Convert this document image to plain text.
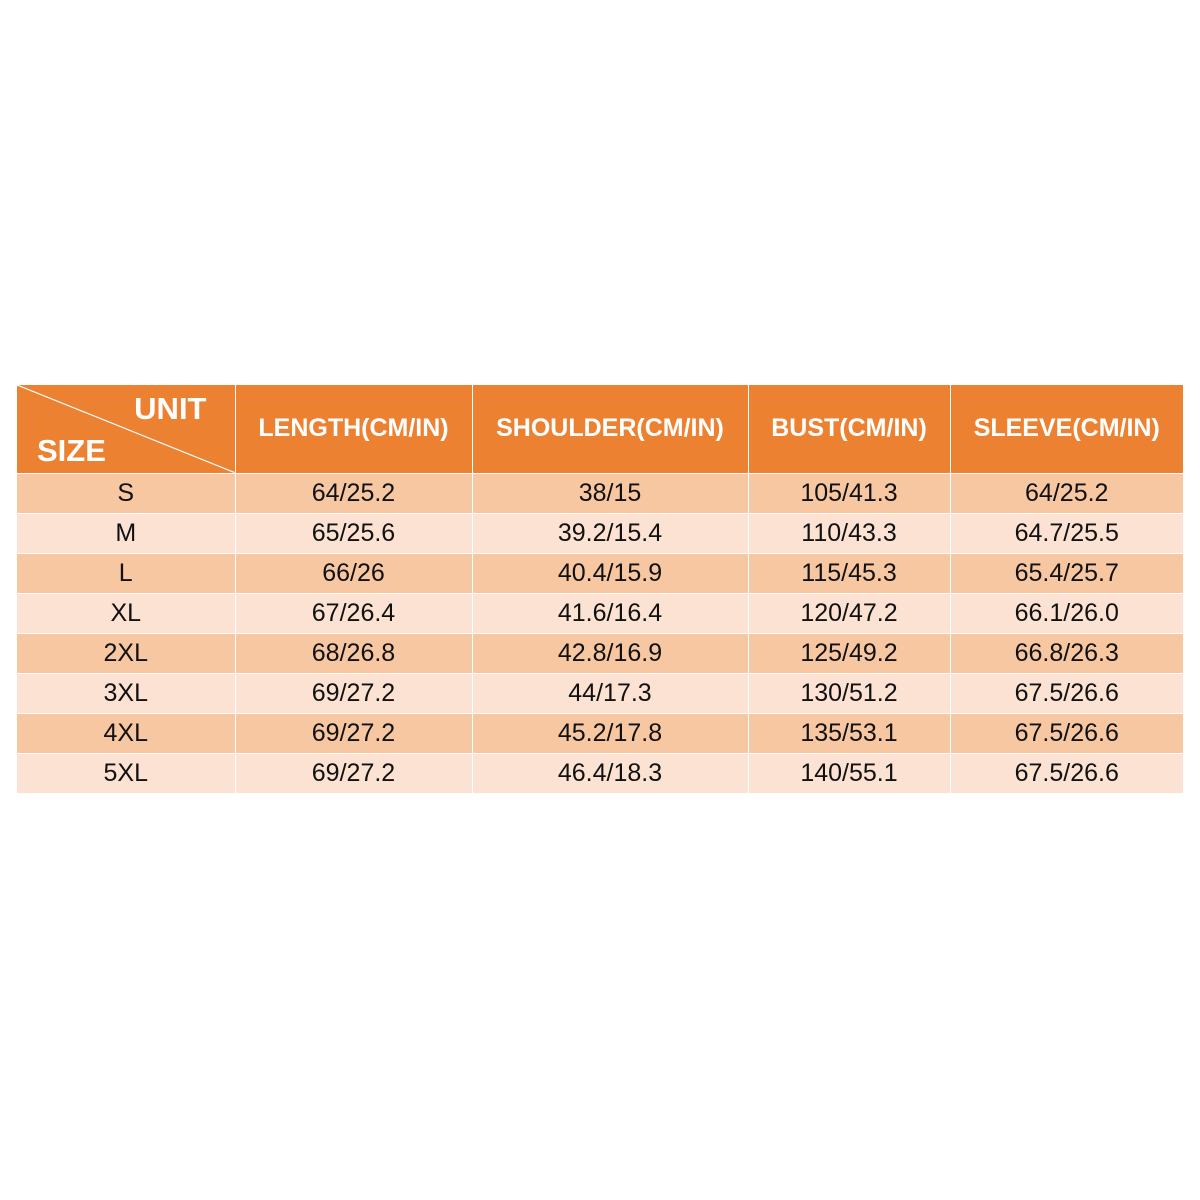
UNIT
SIZE	LENGTH(CM/IN)	SHOULDER(CM/IN)	BUST(CM/IN)	SLEEVE(CM/IN)
S	64/25.2	38/15	105/41.3	64/25.2
M	65/25.6	39.2/15.4	110/43.3	64.7/25.5
L	66/26	40.4/15.9	115/45.3	65.4/25.7
XL	67/26.4	41.6/16.4	120/47.2	66.1/26.0
2XL	68/26.8	42.8/16.9	125/49.2	66.8/26.3
3XL	69/27.2	44/17.3	130/51.2	67.5/26.6
4XL	69/27.2	45.2/17.8	135/53.1	67.5/26.6
5XL	69/27.2	46.4/18.3	140/55.1	67.5/26.6
